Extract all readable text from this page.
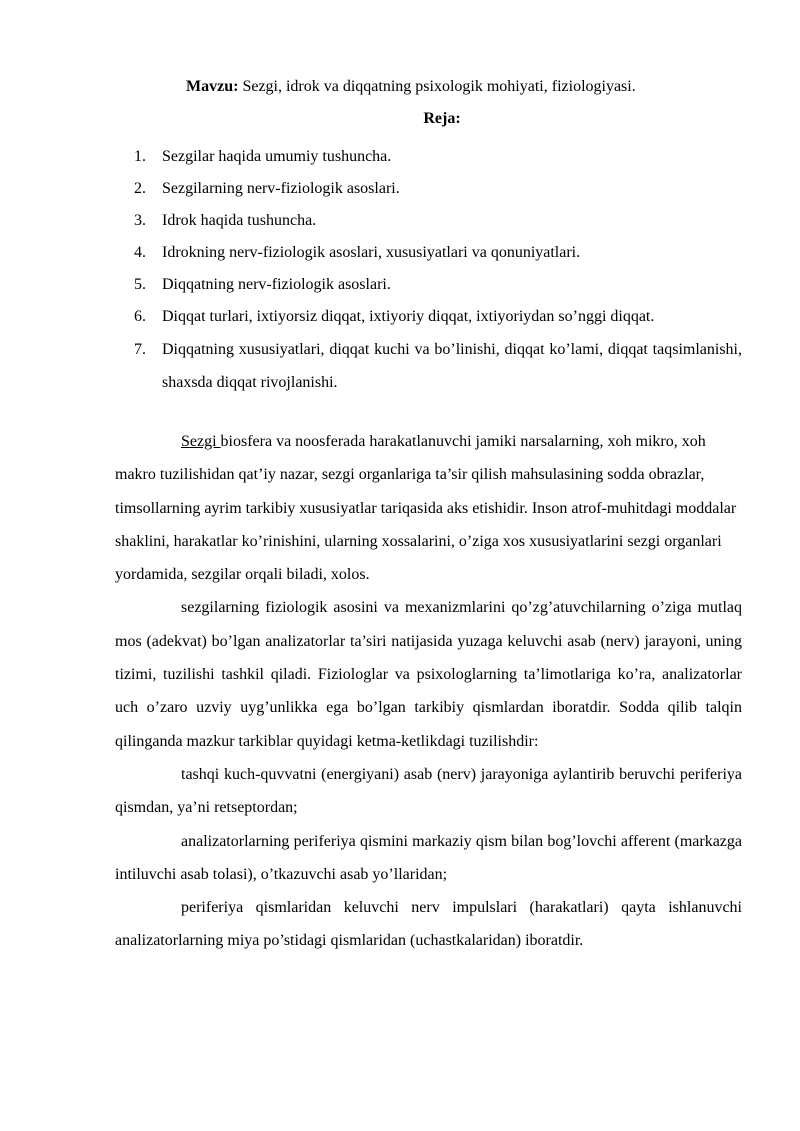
Mavzu: Sezgi, idrok va diqqatning psixologik mohiyati, fiziologiyasi.
Reja:
1. Sezgilar haqida umumiy tushuncha.
2. Sezgilarning nerv-fiziologik asoslari.
3. Idrok haqida tushuncha.
4. Idrokning nerv-fiziologik asoslari, xususiyatlari va qonuniyatlari.
5. Diqqatning nerv-fiziologik asoslari.
6. Diqqat turlari, ixtiyorsiz diqqat, ixtiyoriy diqqat, ixtiyoriydan so’nggi diqqat.
7. Diqqatning xususiyatlari, diqqat kuchi va bo’linishi, diqqat ko’lami, diqqat taqsimlanishi, shaxsda diqqat rivojlanishi.

Sezgi biosfera va noosferada harakatlanuvchi jamiki narsalarning, xoh mikro, xoh makro tuzilishidan qat’iy nazar, sezgi organlariga ta’sir qilish mahsulasining sodda obrazlar, timsollarning ayrim tarkibiy xususiyatlar tariqasida aks etishidir. Inson atrof-muhitdagi moddalar shaklini, harakatlar ko’rinishini, ularning xossalarini, o’ziga xos xususiyatlarini sezgi organlari yordamida, sezgilar orqali biladi, xolos.

sezgilarning fiziologik asosini va mexanizmlarini qo’zg’atuvchilarning o’ziga mutlaq mos (adekvat) bo’lgan analizatorlar ta’siri natijasida yuzaga keluvchi asab (nerv) jarayoni, uning tizimi, tuzilishi tashkil qiladi. Fiziologlar va psixologlarning ta’limotlariga ko’ra, analizatorlar uch o’zaro uzviy uyg’unlikka ega bo’lgan tarkibiy qismlardan iboratdir. Sodda qilib talqin qilinganda mazkur tarkiblar quyidagi ketma-ketlikdagi tuzilishdir:

tashqi kuch-quvvatni (energiyani) asab (nerv) jarayoniga aylantirib beruvchi periferiya qismdan, ya’ni retseptordan;

analizatorlarning periferiya qismini markaziy qism bilan bog’lovchi afferent (markazga intiluvchi asab tolasi), o’tkazuvchi asab yo’llaridan;

periferiya qismlaridan keluvchi nerv impulslari (harakatlari) qayta ishlanuvchi analizatorlarning miya po’stidagi qismlaridan (uchastkalaridan) iboratdir.
